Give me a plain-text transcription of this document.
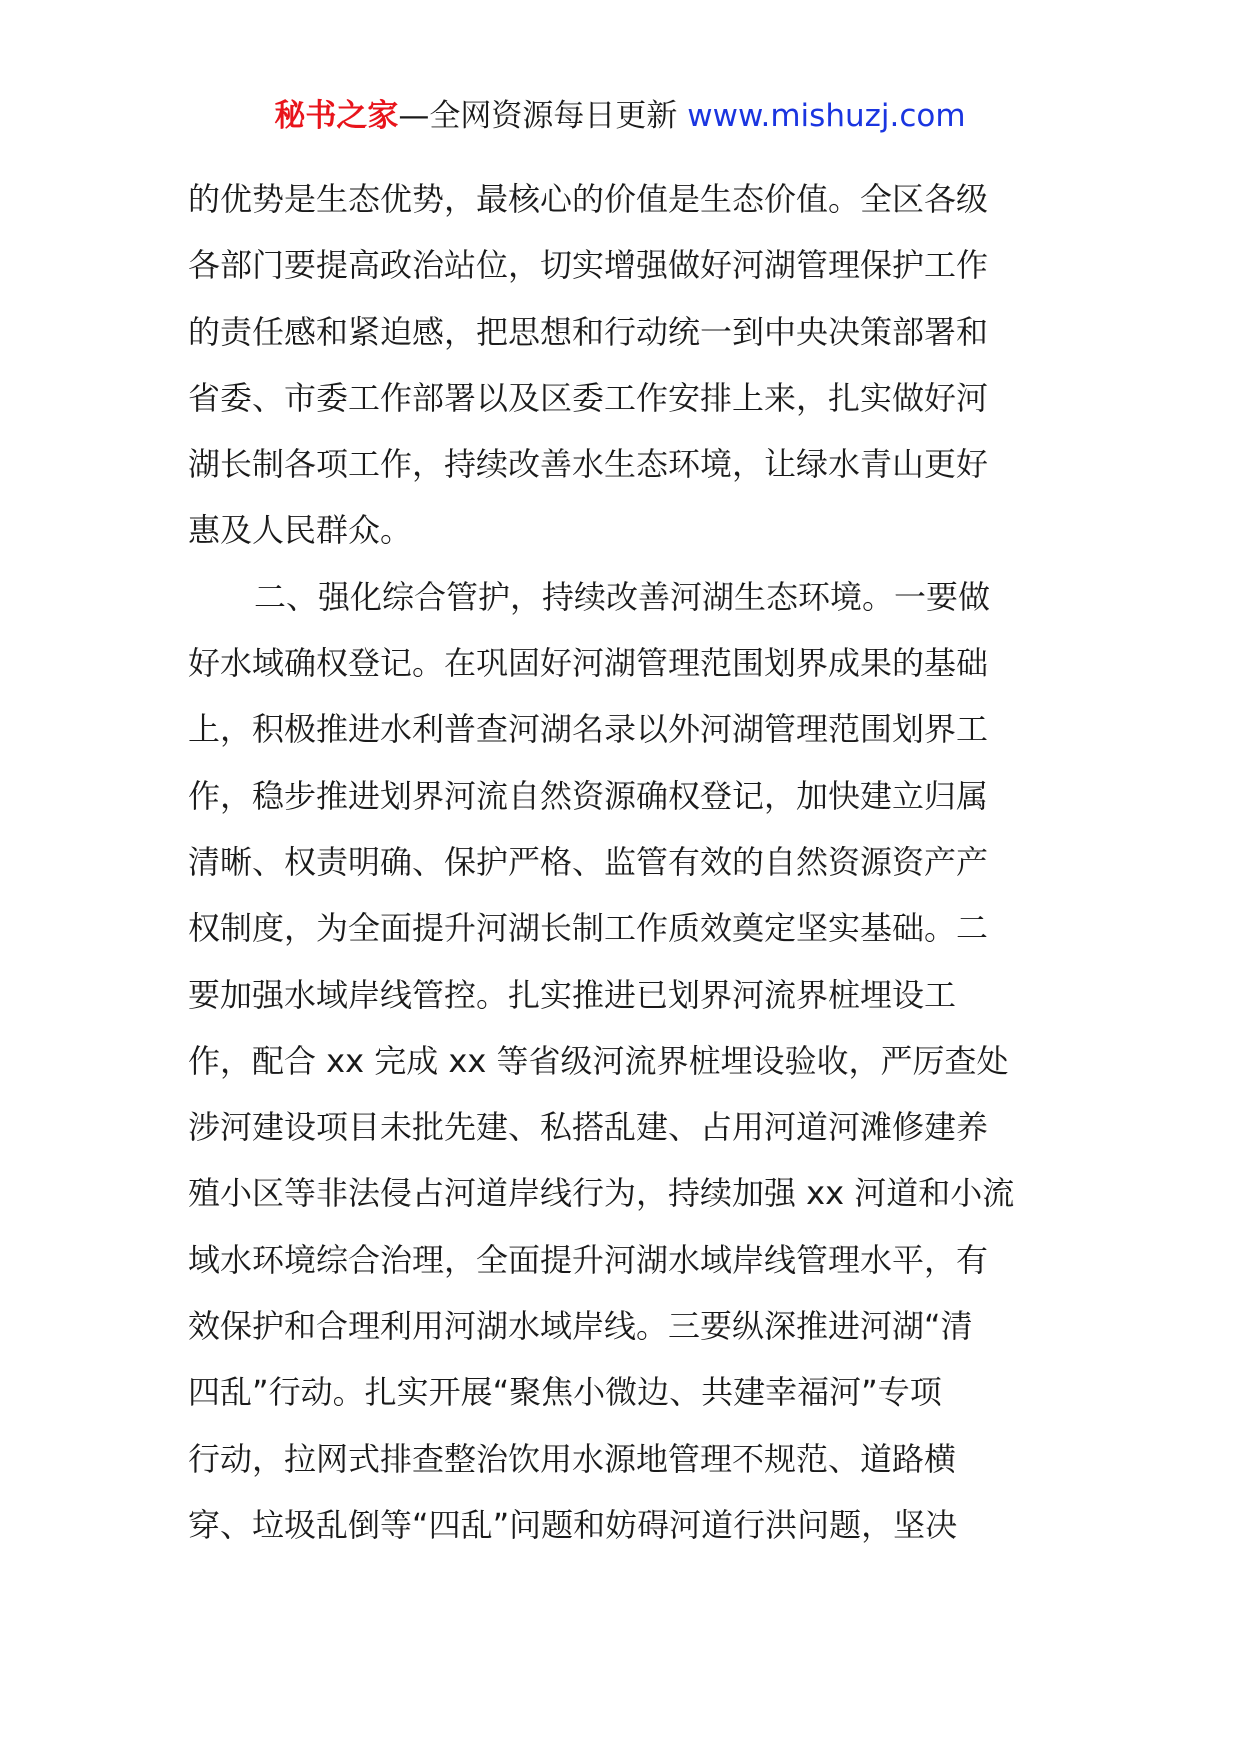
秘书之家—全网资源每日更新 www.mishuzj.com
的优势是生态优势，最核心的价值是生态价值。全区各级
各部门要提高政治站位，切实增强做好河湖管理保护工作
的责任感和紧迫感，把思想和行动统一到中央决策部署和
省委、市委工作部署以及区委工作安排上来，扎实做好河
湖长制各项工作，持续改善水生态环境，让绿水青山更好
惠及人民群众。
二、强化综合管护，持续改善河湖生态环境。一要做
好水域确权登记。在巩固好河湖管理范围划界成果的基础
上，积极推进水利普查河湖名录以外河湖管理范围划界工
作，稳步推进划界河流自然资源确权登记，加快建立归属
清晰、权责明确、保护严格、监管有效的自然资源资产产
权制度，为全面提升河湖长制工作质效奠定坚实基础。二
要加强水域岸线管控。扎实推进已划界河流界桩埋设工
作，配合 xx 完成 xx 等省级河流界桩埋设验收，严厉查处
涉河建设项目未批先建、私搭乱建、占用河道河滩修建养
殖小区等非法侵占河道岸线行为，持续加强 xx 河道和小流
域水环境综合治理，全面提升河湖水域岸线管理水平，有
效保护和合理利用河湖水域岸线。三要纵深推进河湖“清
四乱”行动。扎实开展“聚焦小微边、共建幸福河”专项
行动，拉网式排查整治饮用水源地管理不规范、道路横
穿、垃圾乱倒等“四乱”问题和妨碍河道行洪问题，坚决
